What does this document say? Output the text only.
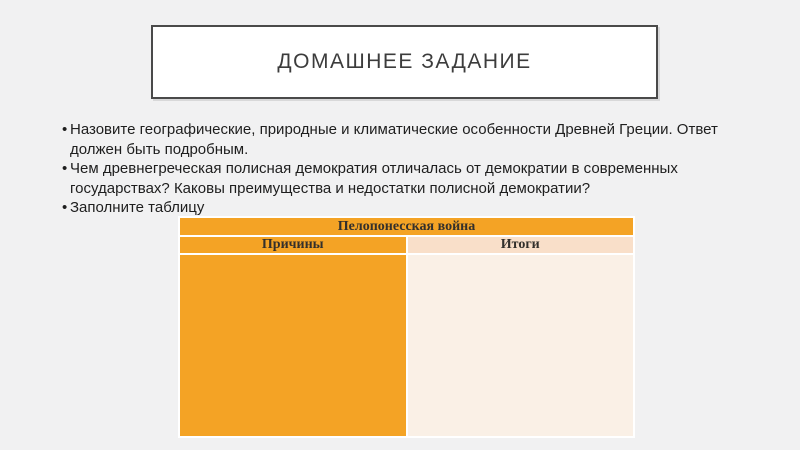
ДОМАШНЕЕ ЗАДАНИЕ
• Назовите географические, природные и климатические особенности Древней Греции. Ответ должен быть подробным.
• Чем древнегреческая полисная демократия отличалась от демократии в современных государствах? Каковы преимущества и недостатки полисной демократии?
• Заполните таблицу
Пелопонесская война	
Причины	Итоги
